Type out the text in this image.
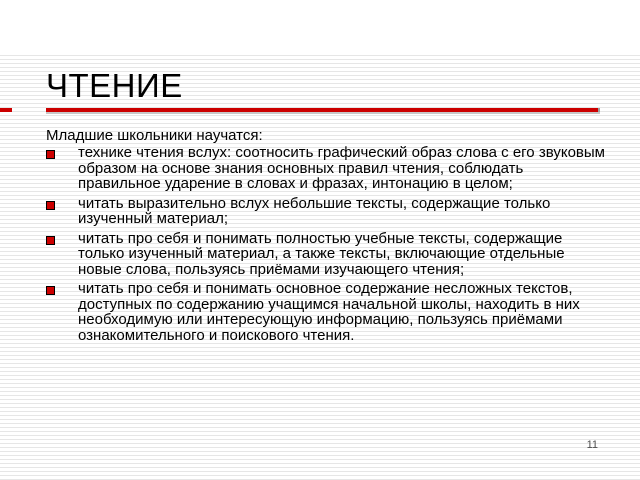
ЧТЕНИЕ

Младшие школьники научатся:

технике чтения вслух: соотносить графический образ слова с его звуковым образом на основе знания основных правил чтения, соблюдать правильное ударение в словах и фразах, интонацию в целом;
читать выразительно вслух небольшие тексты, содержащие только изученный материал;
читать про себя и понимать полностью учебные тексты, содержащие только изученный материал, а также тексты, включающие отдельные новые слова, пользуясь приёмами изучающего чтения;
читать про себя и понимать основное содержание несложных текстов, доступных по содержанию учащимся начальной школы, находить в них необходимую или интересующую информацию, пользуясь приёмами ознакомительного и поискового чтения.
11
